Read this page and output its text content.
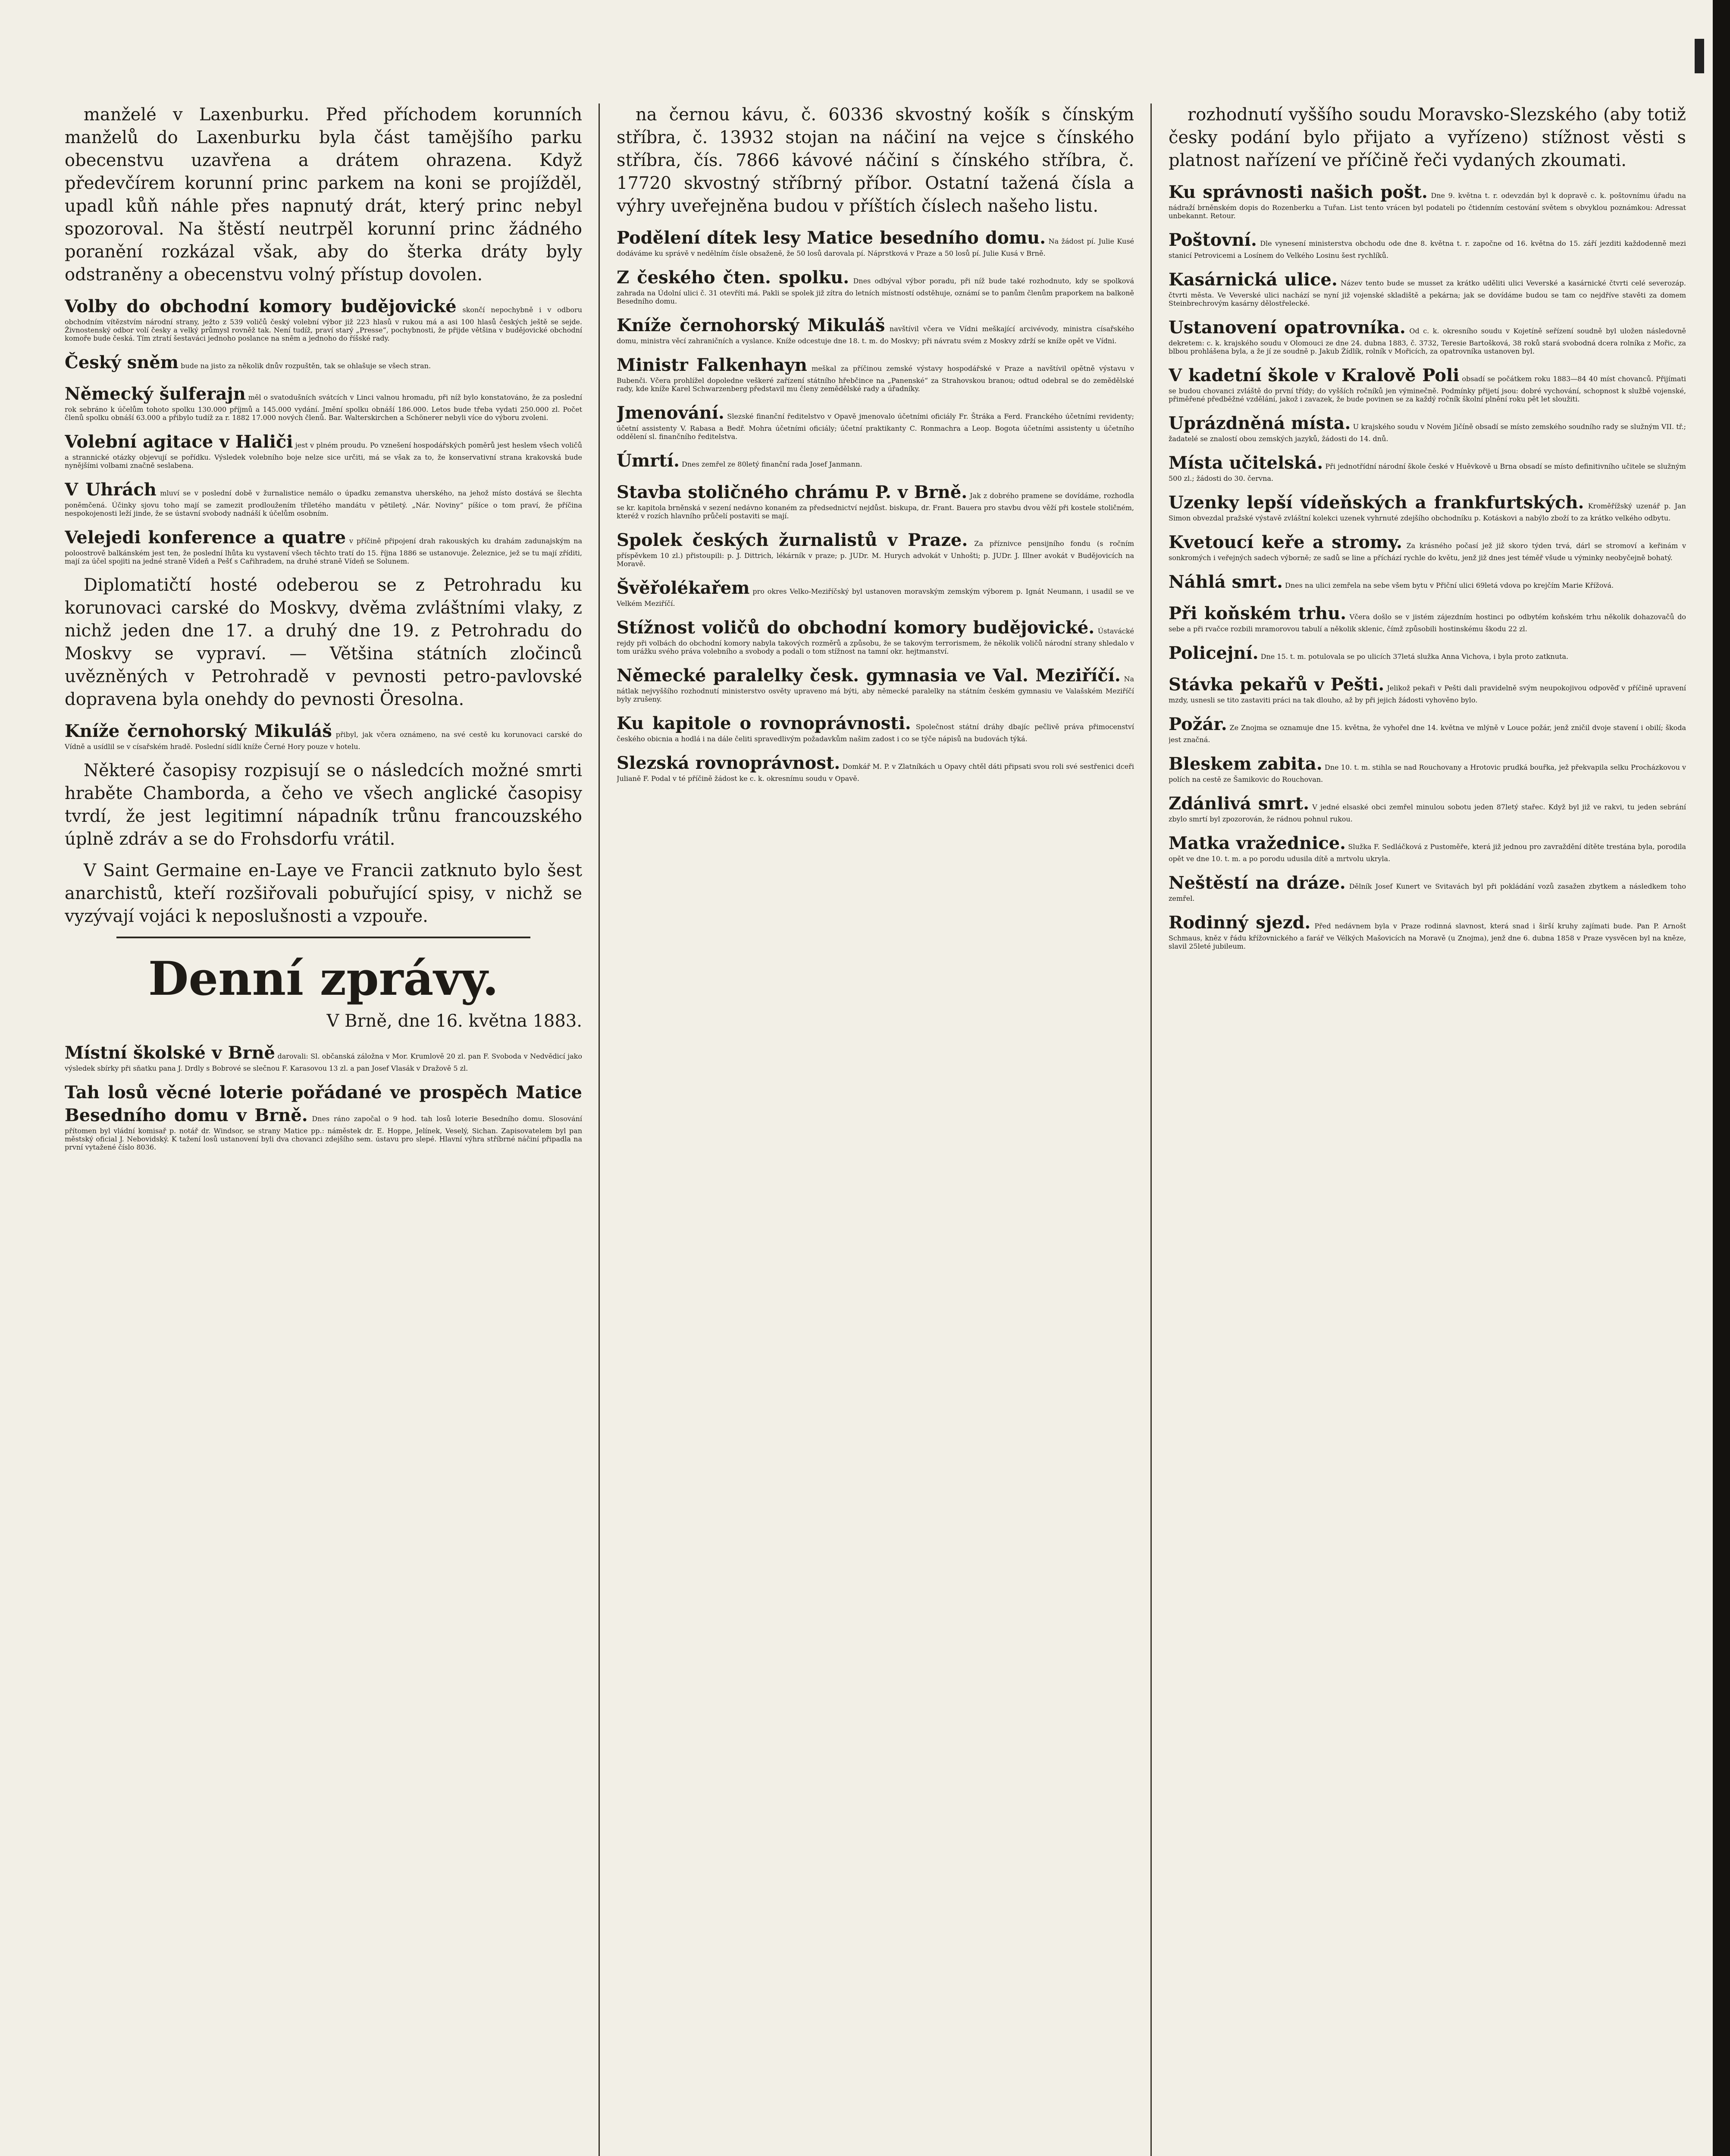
manželé v Laxenburku. Před příchodem korunních manželů do Laxenburku byla část tamějšího parku obecenstvu uzavřena a drátem ohrazena. Když předevčírem korunní princ parkem na koni se projížděl, upadl kůň náhle přes napnutý drát, který princ nebyl spozoroval. Na štěstí neutrpěl korunní princ žádného poranění rozkázal však, aby do šterka dráty byly odstraněny a obecenstvu volný přístup dovolen.

Volby do obchodní komory budějovické skončí nepochybně i v odboru obchodním vítězstvím národní strany, ježto z 539 voličů český volební výbor již 223 hlasů v rukou má a asi 100 hlasů českých ještě se sejde. Živnostenský odbor volí česky a velký průmysl rovněž tak. Není tudíž, praví starý „Presse“, pochybnosti, že přijde většina v budějovické obchodní komoře bude česká. Tím ztratí šestaváci jednoho poslance na sněm a jednoho do říšské rady.

Český sněm bude na jisto za několik dnův rozpuštěn, tak se ohlašuje se všech stran.

Německý šulferajn měl o svatodušních svátcích v Linci valnou hromadu, při níž bylo konstatováno, že za poslední rok sebráno k účelům tohoto spolku 130.000 příjmů a 145.000 vydání. Jmění spolku obnáší 186.000. Letos bude třeba vydati 250.000 zl. Počet členů spolku obnáší 63.000 a přibylo tudíž za r. 1882 17.000 nových členů. Bar. Walterskirchen a Schönerer nebyli více do výboru zvoleni.

Volební agitace v Haliči jest v plném proudu. Po vznešení hospodářských poměrů jest heslem všech voličů a strannické otázky objevují se pořídku. Výsledek volebního boje nelze sice určiti, má se však za to, že konservativní strana krakovská bude nynějšími volbami značně seslabena.

V Uhrách mluví se v poslední době v žurnalistice nemálo o úpadku zemanstva uherského, na jehož místo dostává se šlechta poněmčená. Účinky sjovu toho mají se zamezit prodloužením tříletého mandátu v pětiletý. „Nár. Noviny“ píšíce o tom praví, že příčina nespokojenosti leží jinde, že se ústavní svobody nadnáší k účelům osobním.

Velejedi konference a quatre v příčině připojení drah rakouských ku drahám zadunajským na poloostrově balkánském jest ten, že poslední lhůta ku vystavení všech těchto tratí do 15. října 1886 se ustanovuje. Železnice, jež se tu mají zříditi, mají za účel spojiti na jedné straně Vídeň a Pešť s Cařihradem, na druhé straně Vídeň se Solunem.

Diplomatičtí hosté odeberou se z Petrohradu ku korunovaci carské do Moskvy, dvěma zvláštními vlaky, z nichž jeden dne 17. a druhý dne 19. z Petrohradu do Moskvy se vypraví. — Většina státních zločinců uvězněných v Petrohradě v pevnosti petro-pavlovské dopravena byla onehdy do pevnosti Öresolna.

Kníže černohorský Mikuláš přibyl, jak včera oznámeno, na své cestě ku korunovaci carské do Vídně a usídlil se v císařském hradě. Poslední sídlí kníže Černé Hory pouze v hotelu.

Některé časopisy rozpisují se o následcích možné smrti hraběte Chamborda, a čeho ve všech anglické časopisy tvrdí, že jest legitimní nápadník trůnu francouzského úplně zdráv a se do Frohsdorfu vrátil.

V Saint Germaine en-Laye ve Francii zatknuto bylo šest anarchistů, kteří rozšiřovali pobuřující spisy, v nichž se vyzývají vojáci k neposlušnosti a vzpouře.

Denní zprávy.
V Brně, dne 16. května 1883.

Místní školské v Brně darovali: Sl. občanská záložna v Mor. Krumlově 20 zl. pan F. Svoboda v Nedvědicí jako výsledek sbírky při sňatku pana J. Drdly s Bobrové se slečnou F. Karasovou 13 zl. a pan Josef Vlasák v Dražově 5 zl.

Tah losů věcné loterie pořádané ve prospěch Matice Besedního domu v Brně. Dnes ráno započal o 9 hod. tah losů loterie Besedního domu. Slosování přítomen byl vládní komisař p. notář dr. Windsor, se strany Matice pp.: náměstek dr. E. Hoppe, Jelínek, Veselý, Sichan. Zapisovatelem byl pan městský oficial J. Nebovidský. K tažení losů ustanovení byli dva chovanci zdejšího sem. ústavu pro slepé. Hlavní výhra stříbrné náčiní připadla na první vytažené číslo 8036.

na černou kávu, č. 60336 skvostný košík s čínským stříbra, č. 13932 stojan na náčiní na vejce s čínského stříbra, čís. 7866 kávové náčiní s čínského stříbra, č. 17720 skvostný stříbrný příbor. Ostatní tažená čísla a výhry uveřejněna budou v příštích číslech našeho listu.

Podělení dítek lesy Matice besedního domu. Na žádost pí. Julie Kusé dodáváme ku správě v nedělním čísle obsaženě, že 50 losů darovala pí. Náprstková v Praze a 50 losů pí. Julie Kusá v Brně.

Z českého čten. spolku. Dnes odbýval výbor poradu, při níž bude také rozhodnuto, kdy se spolková zahrada na Údolní ulici č. 31 otevříti má. Pakli se spolek již zítra do letních místností odstěhuje, oznámí se to panům členům praporkem na balkoně Besedního domu.

Kníže černohorský Mikuláš navštívil včera ve Vídni meškající arcivévody, ministra císařského domu, ministra věcí zahraničních a vyslance. Kníže odcestuje dne 18. t. m. do Moskvy; při návratu svém z Moskvy zdrží se kníže opět ve Vídni.

Ministr Falkenhayn meškal za příčinou zemské výstavy hospodářské v Praze a navštívil opětně výstavu v Bubenči. Včera prohlížel dopoledne veškeré zařízení státního hřebčince na „Panenské“ za Strahovskou branou; odtud odebral se do zemědělské rady, kde kníže Karel Schwarzenberg představil mu členy zemědělské rady a úřadníky.

Jmenování. Slezské finanční ředitelstvo v Opavě jmenovalo účetními oficiály Fr. Štráka a Ferd. Franckého účetními revidenty; účetní assistenty V. Rabasa a Bedř. Mohra účetními oficiály; účetní praktikanty C. Ronmachra a Leop. Bogota účetními assistenty u účetního oddělení sl. finančního ředitelstva.

Úmrtí. Dnes zemřel ze 80letý finanční rada Josef Janmann.

Stavba stoličného chrámu P. v Brně. Jak z dobrého pramene se dovídáme, rozhodla se kr. kapitola brněnská v sezení nedávno konaném za předsednictví nejdůst. biskupa, dr. Frant. Bauera pro stavbu dvou věží při kostele stoličném, kteréž v rozích hlavního průčelí postaviti se mají.

Spolek českých žurnalistů v Praze. Za příznivce pensijního fondu (s ročním příspěvkem 10 zl.) přistoupili: p. J. Dittrich, lékárník v praze; p. JUDr. M. Hurych advokát v Unhošti; p. JUDr. J. Illner avokát v Budějovicích na Moravě.

Švěřolékařem pro okres Velko-Meziříčský byl ustanoven moravským zemským výborem p. Ignát Neumann, i usadil se ve Velkém Meziříčí.

Stížnost voličů do obchodní komory budějovické. Ústavácké rejdy při volbách do obchodní komory nabyla takových rozměrů a způsobu, že se takovým terrorismem, že několik voličů národní strany shledalo v tom urážku svého práva volebního a svobody a podali o tom stížnost na tamní okr. hejtmanství.

Německé paralelky česk. gymnasia ve Val. Meziříčí. Na nátlak nejvyššího rozhodnutí ministerstvo osvěty upraveno má býti, aby německé paralelky na státním českém gymnasiu ve Valašském Meziříčí byly zrušeny.

Ku kapitole o rovnoprávnosti. Společnost státní dráhy dbajíc pečlivě práva přimocenství českého obicnia a hodlá i na dále čeliti spravedlivým požadavkům našim zadost i co se týče nápisů na budovách týká.

Slezská rovnoprávnost. Domkář M. P. v Zlatníkách u Opavy chtěl dáti připsati svou roli své sestřenici dceři Julianě F. Podal v té příčině žádost ke c. k. okresnímu soudu v Opavě.

rozhodnutí vyššího soudu Moravsko-Slezského (aby totiž česky podání bylo přijato a vyřízeno) stížnost věsti s platnost nařízení ve příčině řeči vydaných zkoumati.

Ku správnosti našich pošt. Dne 9. května t. r. odevzdán byl k dopravě c. k. poštovnímu úřadu na nádraží brněnském dopis do Rozenberku a Tuřan. List tento vrácen byl podateli po čtidenním cestování světem s obvyklou poznámkou: Adressat unbekannt. Retour.

Poštovní. Dle vynesení ministerstva obchodu ode dne 8. května t. r. započne od 16. května do 15. září jezditi každodenně mezi stanicí Petrovicemi a Losínem do Velkého Losinu šest rychlíků.

Kasárnická ulice. Název tento bude se musset za krátko uděliti ulici Veverské a kasárnické čtvrti celé severozáp. čtvrti města. Ve Veverské ulici nachází se nyní již vojenské skladiště a pekárna; jak se dovídáme budou se tam co nejdříve stavěti za domem Steinbrechrovým kasárny dělostřelecké.

Ustanovení opatrovníka. Od c. k. okresního soudu v Kojetíně seřízení soudně byl uložen následovně dekretem: c. k. krajského soudu v Olomouci ze dne 24. dubna 1883, č. 3732, Teresie Bartošková, 38 roků stará svobodná dcera rolníka z Mořic, za blbou prohlášena byla, a že jí ze soudně p. Jakub Žídlík, rolník v Mořicích, za opatrovníka ustanoven byl.

V kadetní škole v Kralově Poli obsadí se počátkem roku 1883—84 40 míst chovanců. Přijímati se budou chovanci zvláště do první třídy; do vyšších ročníků jen výminečně. Podmínky přijetí jsou: dobré vychování, schopnost k službě vojenské, přiměřené předběžné vzdělání, jakož i zavazek, že bude povinen se za každý ročník školní plnění roku pět let sloužiti.

Uprázdněná místa. U krajského soudu v Novém Jičíně obsadí se místo zemského soudního rady se služným VII. tř.; žadatelé se znalostí obou zemských jazyků, žádosti do 14. dnů.

Místa učitelská. Při jednotřídní národní škole české v Huěvkově u Brna obsadí se místo definitivního učitele se služným 500 zl.; žádosti do 30. června.

Uzenky lepší vídeňských a frankfurtských. Kroměřížský uzenář p. Jan Simon obvezdal pražské výstavě zvláštní kolekci uzenek vyhrnuté zdejšího obchodníku p. Kotáskovi a nabýlo zboží to za krátko velkého odbytu.

Kvetoucí keře a stromy. Za krásného počasí jež již skoro týden trvá, dárl se stromoví a keřinám v sonkromých i veřejných sadech výborně; ze sadů se line a příchází rychle do květu, jenž již dnes jest téměř všude u výminky neobyčejně bohatý.

Náhlá smrt. Dnes na ulici zemřela na sebe všem bytu v Přiční ulici 69letá vdova po krejčím Marie Křížová.

Při koňském trhu. Včera došlo se v jistém zájezdním hostinci po odbytém koňském trhu několik dohazovačů do sebe a při rvačce rozbili mramorovou tabulí a několik sklenic, čímž způsobili hostinskému škodu 22 zl.

Policejní. Dne 15. t. m. potulovala se po ulicích 37letá služka Anna Vichova, i byla proto zatknuta.

Stávka pekařů v Pešti. Jelikož pekaři v Pešti dali pravidelně svým neupokojivou odpověď v příčině upravení mzdy, usnesli se tito zastaviti práci na tak dlouho, až by při jejich žádosti vyhověno bylo.

Požár. Ze Znojma se oznamuje dne 15. května, že vyhořel dne 14. května ve mlýně v Louce požár, jenž zničil dvoje stavení i obilí; škoda jest značná.

Bleskem zabita. Dne 10. t. m. stihla se nad Rouchovany a Hrotovic prudká bouřka, jež překvapila selku Procházkovou v polích na cestě ze Šamikovic do Rouchovan.

Zdánlivá smrt. V jedné elsaské obci zemřel minulou sobotu jeden 87letý stařec. Když byl již ve rakvi, tu jeden sebrání zbylo smrtí byl zpozorován, že rádnou pohnul rukou.

Matka vražednice. Služka F. Sedláčková z Pustoměře, která již jednou pro zavraždění dítěte trestána byla, porodila opět ve dne 10. t. m. a po porodu udusila dítě a mrtvolu ukryla.

Neštěstí na dráze. Dělník Josef Kunert ve Svitavách byl při pokládání vozů zasažen zbytkem a následkem toho zemřel.

Rodinný sjezd. Před nedávnem byla v Praze rodinná slavnost, která snad i širší kruhy zajímati bude. Pan P. Arnošt Schmaus, kněz v řádu křížovnického a farář ve Vélkých Mašovicích na Moravě (u Znojma), jenž dne 6. dubna 1858 v Praze vysvěcen byl na kněze, slavil 25leté jubileum.
